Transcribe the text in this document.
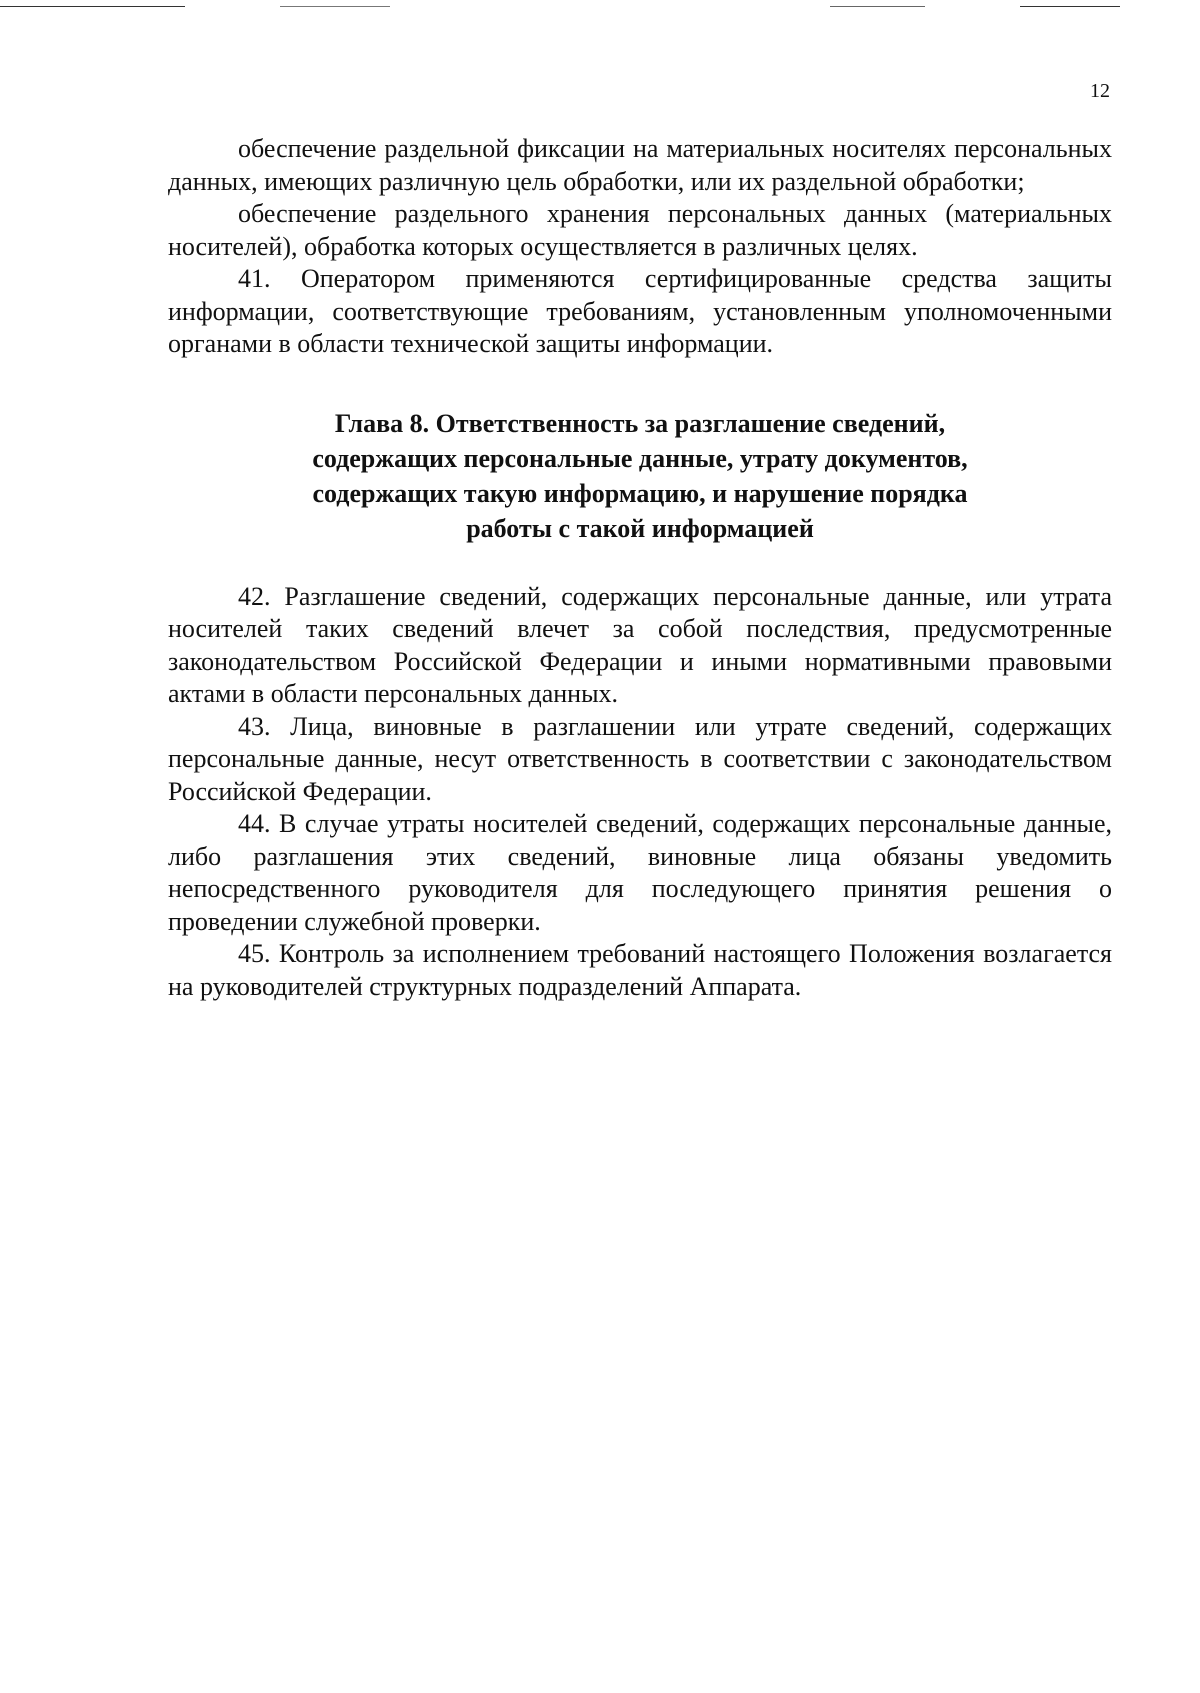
12

обеспечение раздельной фиксации на материальных носителях персональных данных, имеющих различную цель обработки, или их раздельной обработки;

обеспечение раздельного хранения персональных данных (материальных носителей), обработка которых осуществляется в различных целях.

41. Оператором применяются сертифицированные средства защиты информации, соответствующие требованиям, установленным уполномоченными органами в области технической защиты информации.

Глава 8. Ответственность за разглашение сведений,
содержащих персональные данные, утрату документов,
содержащих такую информацию, и нарушение порядка
работы с такой информацией

42. Разглашение сведений, содержащих персональные данные, или утрата носителей таких сведений влечет за собой последствия, предусмотренные законодательством Российской Федерации и иными нормативными правовыми актами в области персональных данных.

43. Лица, виновные в разглашении или утрате сведений, содержащих персональные данные, несут ответственность в соответствии с законодательством Российской Федерации.

44. В случае утраты носителей сведений, содержащих персональные данные, либо разглашения этих сведений, виновные лица обязаны уведомить непосредственного руководителя для последующего принятия решения о проведении служебной проверки.

45. Контроль за исполнением требований настоящего Положения возлагается на руководителей структурных подразделений Аппарата.
